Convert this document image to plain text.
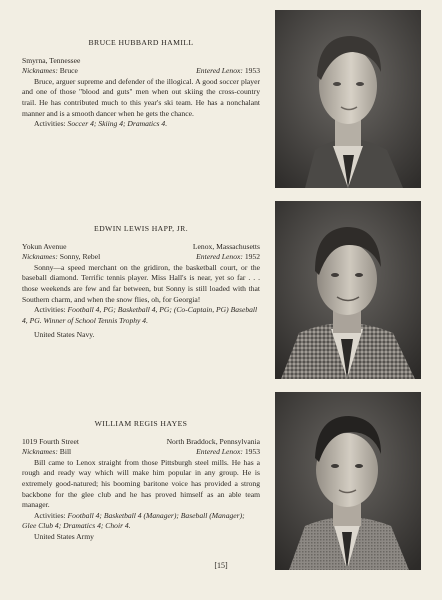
BRUCE HUBBARD HAMILL
Smyrna, Tennessee
Nicknames: Bruce	Entered Lenox: 1953
Bruce, arguer supreme and defender of the illogical. A good soccer player and one of those "blood and guts" men when out skiing the cross-country trail. He has contributed much to this year's ski team. He has a nonchalant manner and is a smooth dancer when he gets the chance.
Activities: Soccer 4; Skiing 4; Dramatics 4.
EDWIN LEWIS HAPP, JR.
Yokun Avenue	Lenox, Massachusetts
Nicknames: Sonny, Rebel	Entered Lenox: 1952
Sonny—a speed merchant on the gridiron, the basketball court, or the baseball diamond. Terrific tennis player. Miss Hall's is near, yet so far . . . those weekends are few and far between, but Sonny is still loaded with that Southern charm, and when the snow flies, oh, for Georgia!
Activities: Football 4, PG; Basketball 4, PG; (Co-Captain, PG) Baseball 4, PG. Winner of School Tennis Trophy 4.
United States Navy.
WILLIAM REGIS HAYES
1019 Fourth Street	North Braddock, Pennsylvania
Nicknames: Bill	Entered Lenox: 1953
Bill came to Lenox straight from those Pittsburgh steel mills. He has a rough and ready way which will make him popular in any group. He is extremely good-natured; his booming baritone voice has provided a strong backbone for the glee club and he has proved himself as an able team manager.
Activities: Football 4; Basketball 4 (Manager); Baseball (Manager); Glee Club 4; Dramatics 4; Choir 4.
United States Army
[15]
